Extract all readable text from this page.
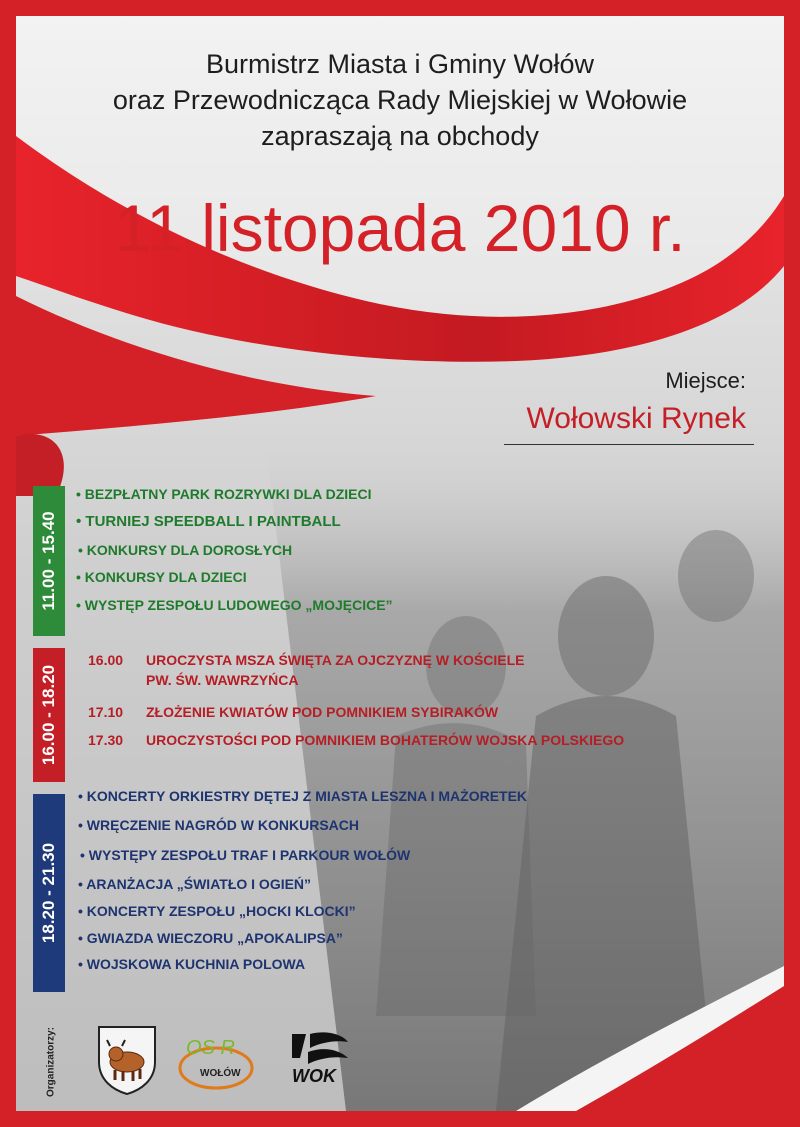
Burmistrz Miasta i Gminy Wołów
oraz Przewodnicząca Rady Miejskiej w Wołowie
zapraszają na obchody
11 listopada 2010 r.
Miejsce:
Wołowski Rynek
11.00 - 15.40
• BEZPŁATNY PARK ROZRYWKI DLA DZIECI
• TURNIEJ SPEEDBALL I PAINTBALL
• KONKURSY DLA DOROSŁYCH
• KONKURSY DLA DZIECI
• WYSTĘP ZESPOŁU LUDOWEGO „MOJĘCICE”
16.00 - 18.20
16.00 UROCZYSTA MSZA ŚWIĘTA ZA OJCZYZNĘ W KOŚCIELE
PW. ŚW. WAWRZYŃCA
17.10 ZŁOŻENIE KWIATÓW POD POMNIKIEM SYBIRAKÓW
17.30 UROCZYSTOŚCI POD POMNIKIEM BOHATERÓW WOJSKA POLSKIEGO
18.20 - 21.30
• KONCERTY ORKIESTRY DĘTEJ Z MIASTA LESZNA I MAŻORETEK
• WRĘCZENIE NAGRÓD W KONKURSACH
• WYSTĘPY ZESPOŁU TRAF I PARKOUR WOŁÓW
• ARANŻACJA „ŚWIATŁO I OGIEŃ”
• KONCERTY ZESPOŁU „HOCKI KLOCKI”
• GWIAZDA WIECZORU „APOKALIPSA”
• WOJSKOWA KUCHNIA POLOWA
Organizatorzy:	OS R
WOŁÓW	WOK
